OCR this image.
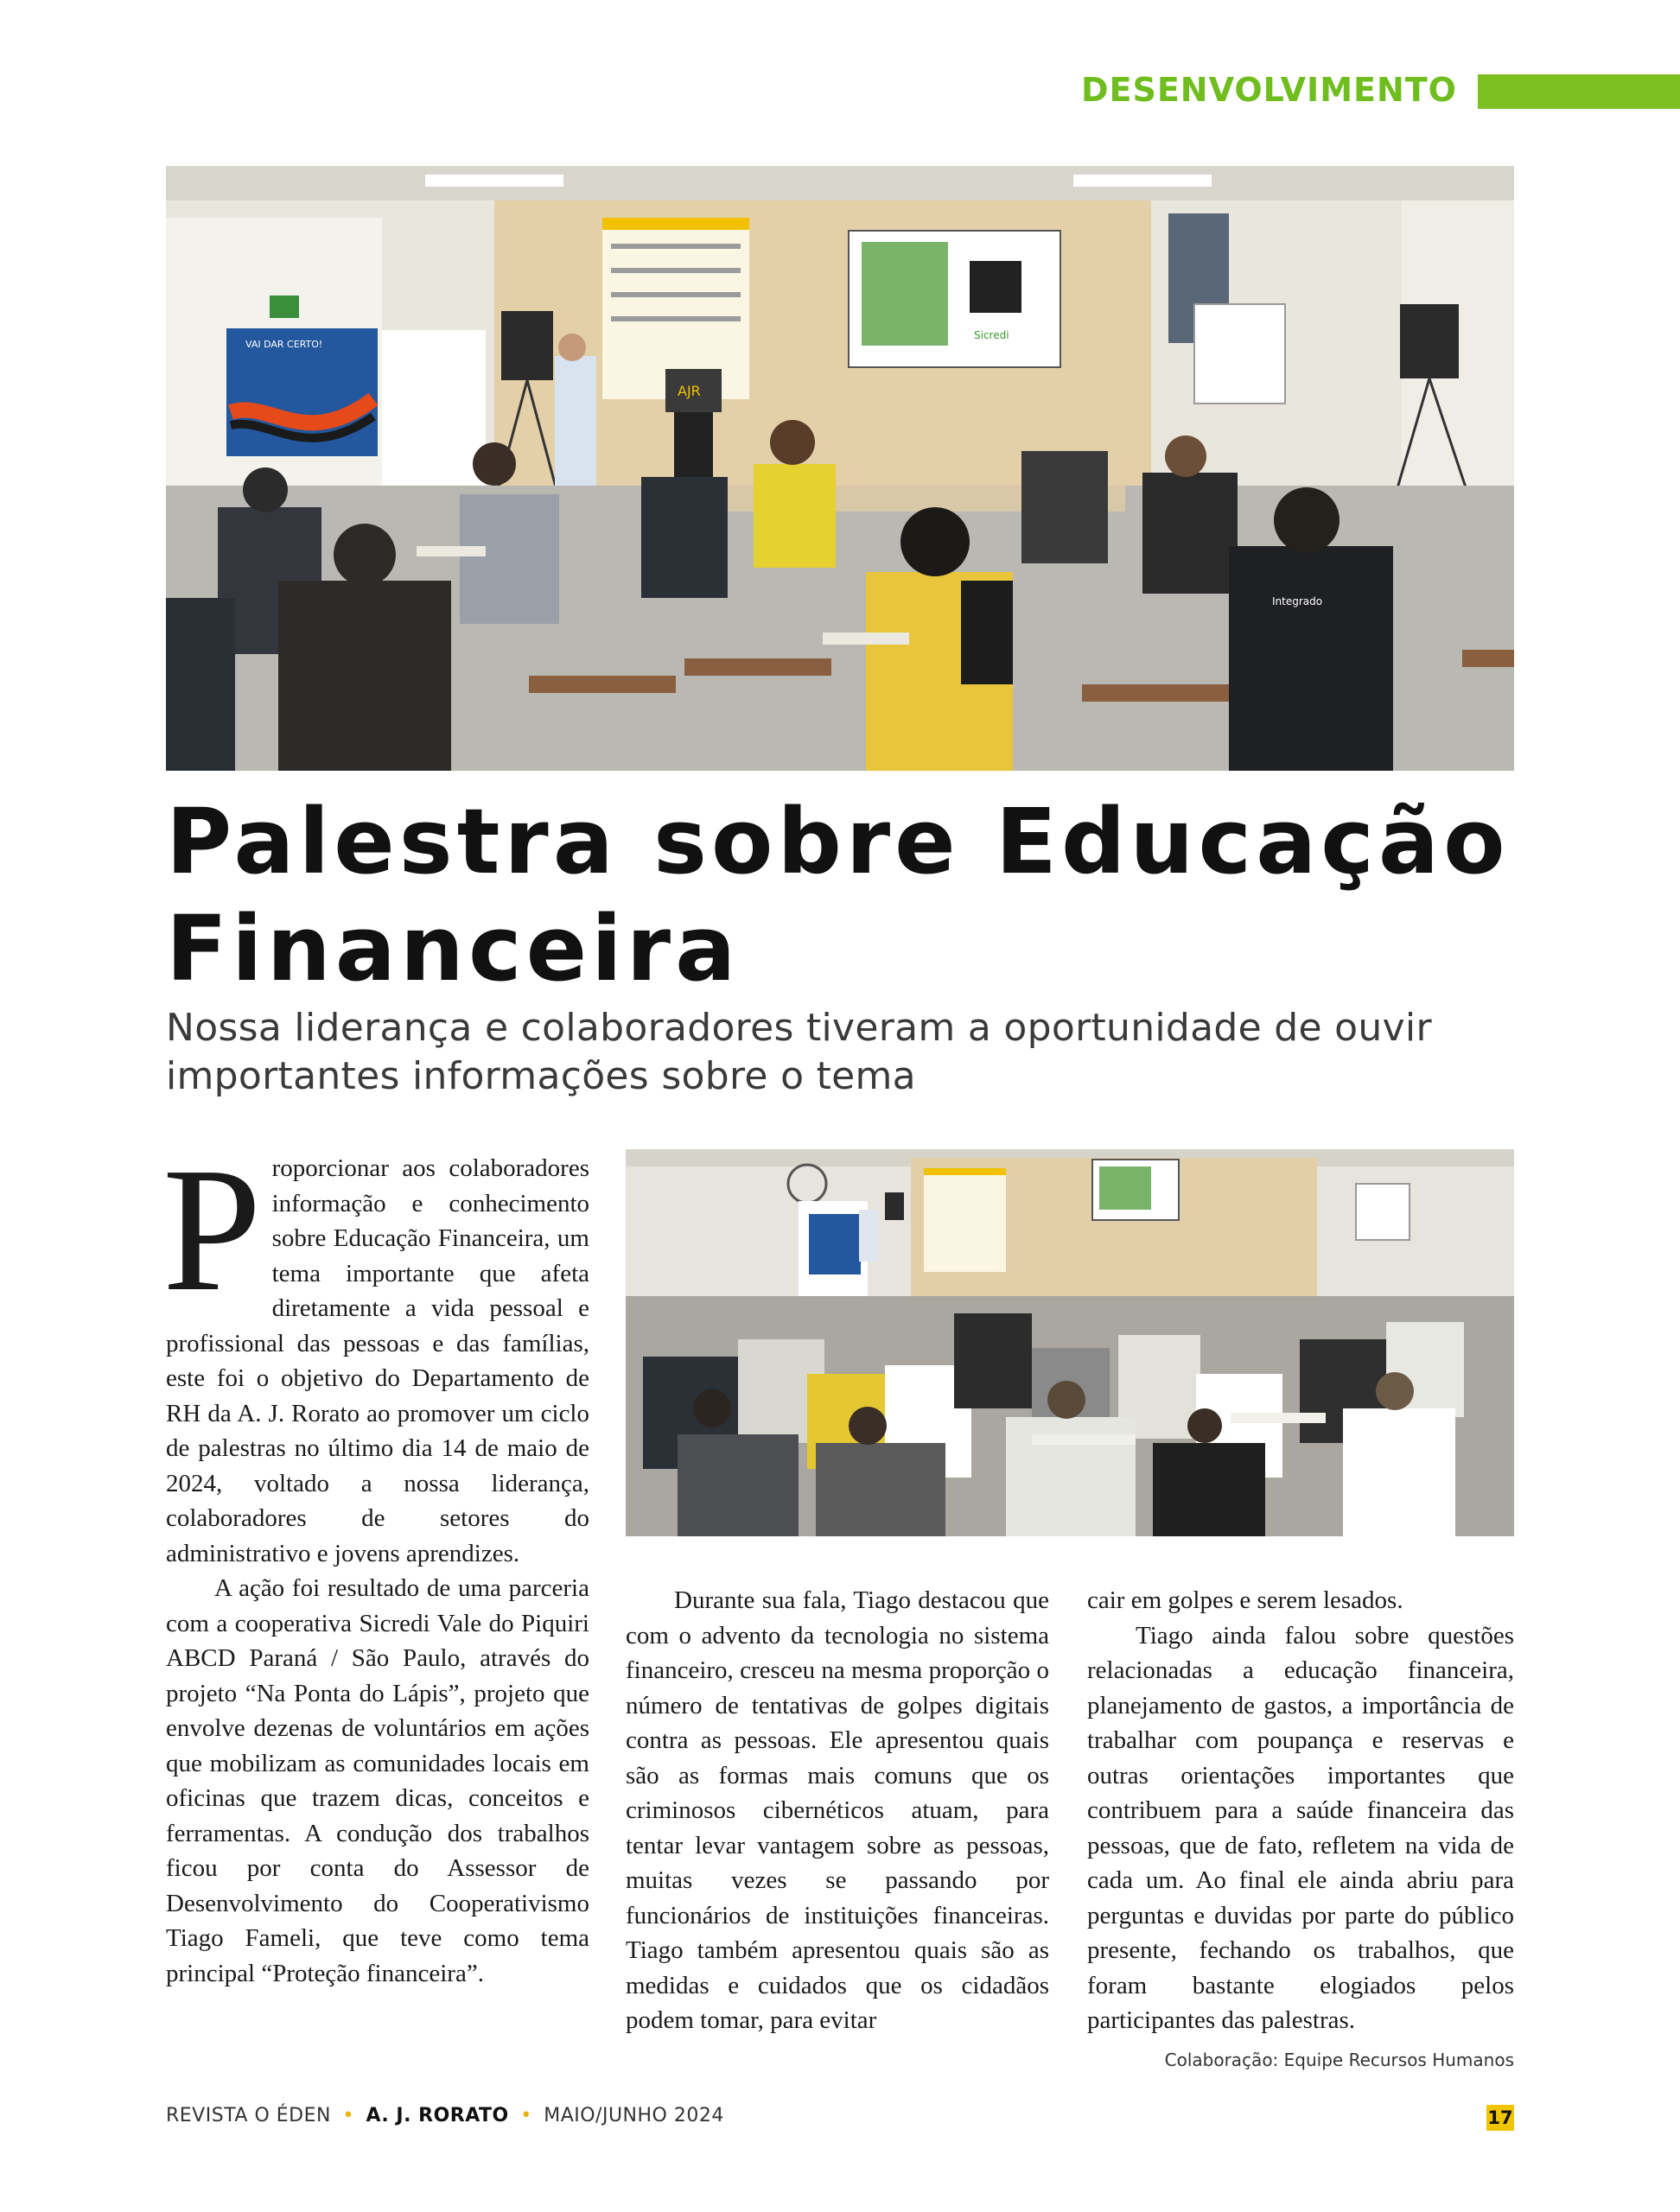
DESENVOLVIMENTO
VAI DAR CERTO!
Sicredi
AJR
Integrado
Palestra sobre Educação Financeira

Nossa liderança e colaboradores tiveram a oportunidade de ouvir importantes informações sobre o tema

Proporcionar aos colaboradores informação e conhecimento sobre Educação Financeira, um tema importante que afeta diretamente a vida pessoal e profissional das pessoas e das famílias, este foi o objetivo do Departamento de RH da A. J. Rorato ao promover um ciclo de palestras no último dia 14 de maio de 2024, voltado a nossa liderança, colaboradores de setores do administrativo e jovens aprendizes.

A ação foi resultado de uma parceria com a cooperativa Sicredi Vale do Piquiri ABCD Paraná / São Paulo, através do projeto “Na Ponta do Lápis”, projeto que envolve dezenas de voluntários em ações que mobilizam as comunidades locais em oficinas que trazem dicas, conceitos e ferramentas. A condução dos trabalhos ficou por conta do Assessor de Desenvolvimento do Cooperativismo Tiago Fameli, que teve como tema principal “Proteção financeira”.

Durante sua fala, Tiago destacou que com o advento da tecnologia no sistema financeiro, cresceu na mesma proporção o número de tentativas de golpes digitais contra as pessoas. Ele apresentou quais são as formas mais comuns que os criminosos cibernéticos atuam, para tentar levar vantagem sobre as pessoas, muitas vezes se passando por funcionários de instituições financeiras. Tiago também apresentou quais são as medidas e cuidados que os cidadãos podem tomar, para evitar

cair em golpes e serem lesados.

Tiago ainda falou sobre questões relacionadas a educação financeira, planejamento de gastos, a importância de trabalhar com poupança e reservas e outras orientações importantes que contribuem para a saúde financeira das pessoas, que de fato, refletem na vida de cada um. Ao final ele ainda abriu para perguntas e duvidas por parte do público presente, fechando os trabalhos, que foram bastante elogiados pelos participantes das palestras.

Colaboração: Equipe Recursos Humanos
REVISTA O ÉDEN • A. J. RORATO • MAIO/JUNHO 2024	17
